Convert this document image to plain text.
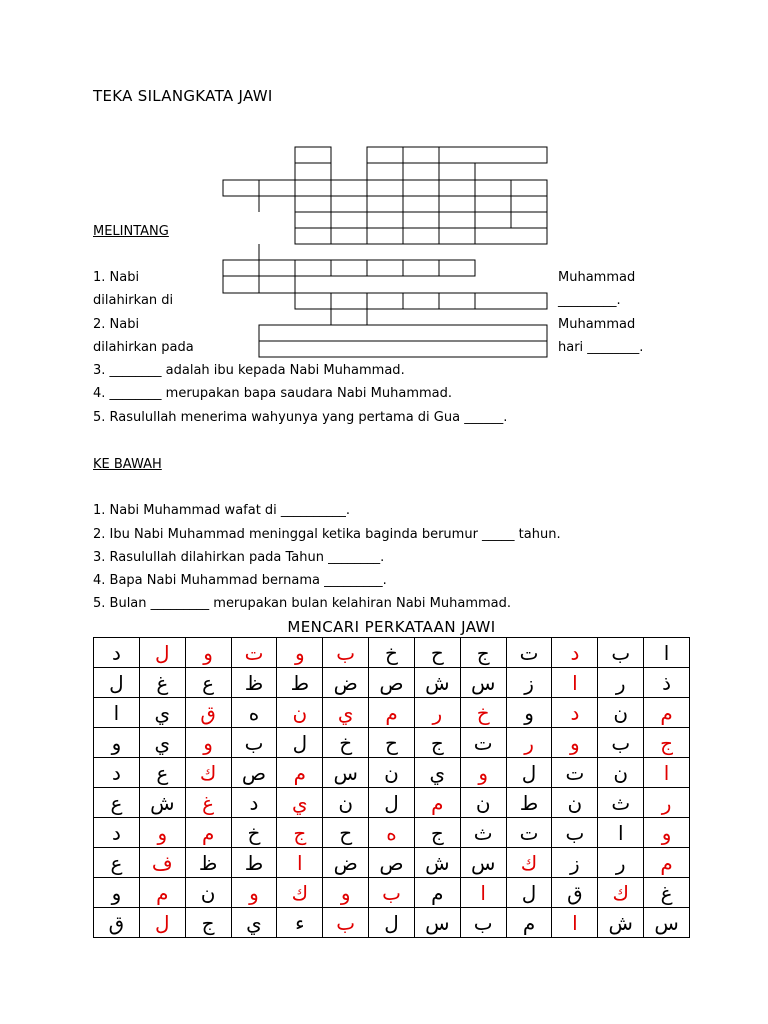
TEKA SILANGKATA JAWI
MELINTANG
1. Nabi	Muhammad
dilahirkan di	_________.
2. Nabi	Muhammad
dilahirkan pada	hari ________.
3. ________ adalah ibu kepada Nabi Muhammad.
4. ________ merupakan bapa saudara Nabi Muhammad.
5. Rasulullah menerima wahyunya yang pertama di Gua ______.
KE BAWAH
1. Nabi Muhammad wafat di __________.
2. Ibu Nabi Muhammad meninggal ketika baginda berumur _____ tahun.
3. Rasulullah dilahirkan pada Tahun ________.
4. Bapa Nabi Muhammad bernama _________.
5. Bulan _________ merupakan bulan kelahiran Nabi Muhammad.
MENCARI PERKATAAN JAWI
ا	ب	د	ت	ج	ح	خ	ب	و	ت	و	ل	د
ذ	ر	ا	ز	س	ش	ص	ض	ط	ظ	ع	غ	ل
م	ن	د	و	خ	ر	م	ي	ن	ه	ق	ي	ا
ج	ب	و	ر	ت	ج	ح	خ	ل	ب	و	ي	و
ا	ن	ت	ل	و	ي	ن	س	م	ص	ك	ع	د
ر	ث	ن	ط	ن	م	ل	ن	ي	د	غ	ش	ع
و	ا	ب	ت	ث	ج	ه	ح	ج	خ	م	و	د
م	ر	ز	ك	س	ش	ص	ض	ا	ط	ظ	ف	ع
غ	ك	ق	ل	ا	م	ب	و	ك	و	ن	م	و
س	ش	ا	م	ب	س	ل	ب	ء	ي	ج	ل	ق
